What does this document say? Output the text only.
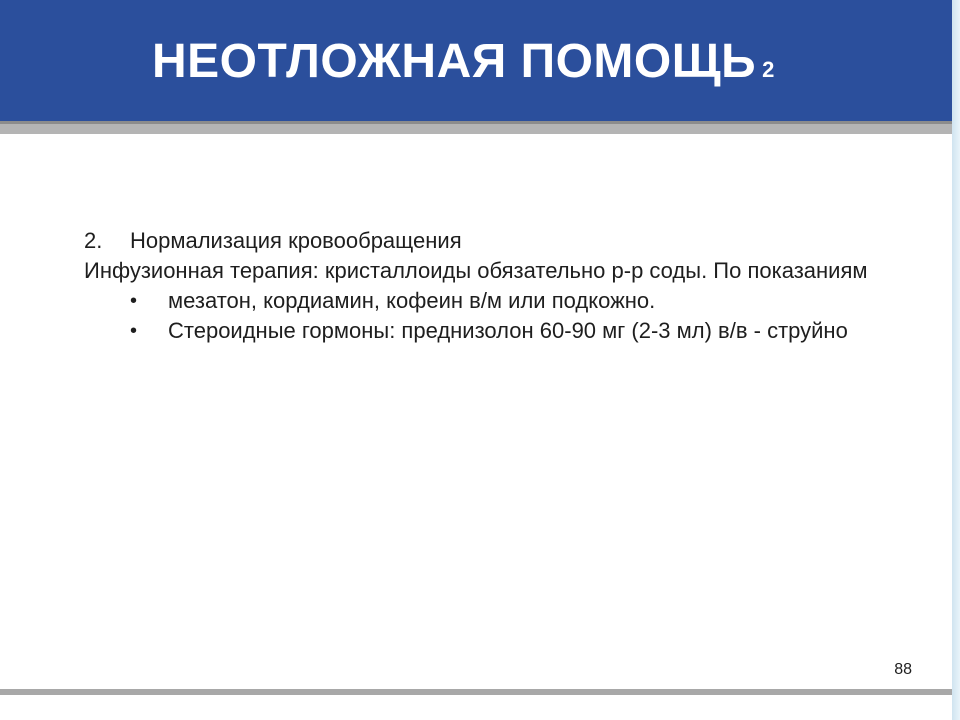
НЕОТЛОЖНАЯ ПОМОЩЬ 2
2. Нормализация кровообращения

Инфузионная терапия: кристаллоиды обязательно р-р соды. По показаниям

• мезатон, кордиамин, кофеин в/м или подкожно.
• Стероидные гормоны: преднизолон 60-90 мг (2-3 мл) в/в - струйно
88
